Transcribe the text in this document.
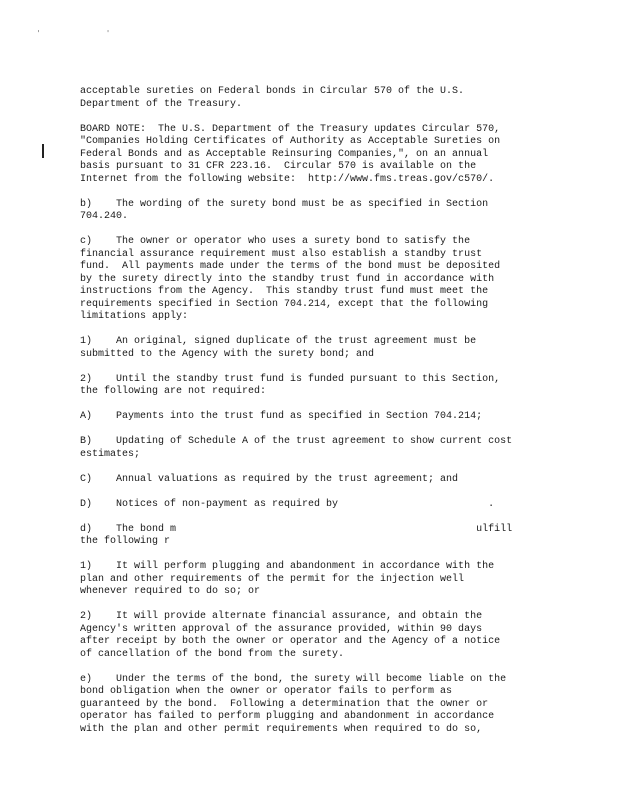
' '
acceptable sureties on Federal bonds in Circular 570 of the U.S.
Department of the Treasury.
BOARD NOTE:  The U.S. Department of the Treasury updates Circular 570,
"Companies Holding Certificates of Authority as Acceptable Sureties on
Federal Bonds and as Acceptable Reinsuring Companies,", on an annual
basis pursuant to 31 CFR 223.16.  Circular 570 is available on the
Internet from the following website:  http://www.fms.treas.gov/c570/.
b)    The wording of the surety bond must be as specified in Section
704.240.
c)    The owner or operator who uses a surety bond to satisfy the
financial assurance requirement must also establish a standby trust
fund.  All payments made under the terms of the bond must be deposited
by the surety directly into the standby trust fund in accordance with
instructions from the Agency.  This standby trust fund must meet the
requirements specified in Section 704.214, except that the following
limitations apply:
1)    An original, signed duplicate of the trust agreement must be
submitted to the Agency with the surety bond; and
2)    Until the standby trust fund is funded pursuant to this Section,
the following are not required:
A)    Payments into the trust fund as specified in Section 704.214;
B)    Updating of Schedule A of the trust agreement to show current cost
estimates;
C)    Annual valuations as required by the trust agreement; and
D)    Notices of non-payment as required by                         .
d)    The bond m                                                  ulfill
the following r
1)    It will perform plugging and abandonment in accordance with the
plan and other requirements of the permit for the injection well
whenever required to do so; or
2)    It will provide alternate financial assurance, and obtain the
Agency's written approval of the assurance provided, within 90 days
after receipt by both the owner or operator and the Agency of a notice
of cancellation of the bond from the surety.
e)    Under the terms of the bond, the surety will become liable on the
bond obligation when the owner or operator fails to perform as
guaranteed by the bond.  Following a determination that the owner or
operator has failed to perform plugging and abandonment in accordance
with the plan and other permit requirements when required to do so,
